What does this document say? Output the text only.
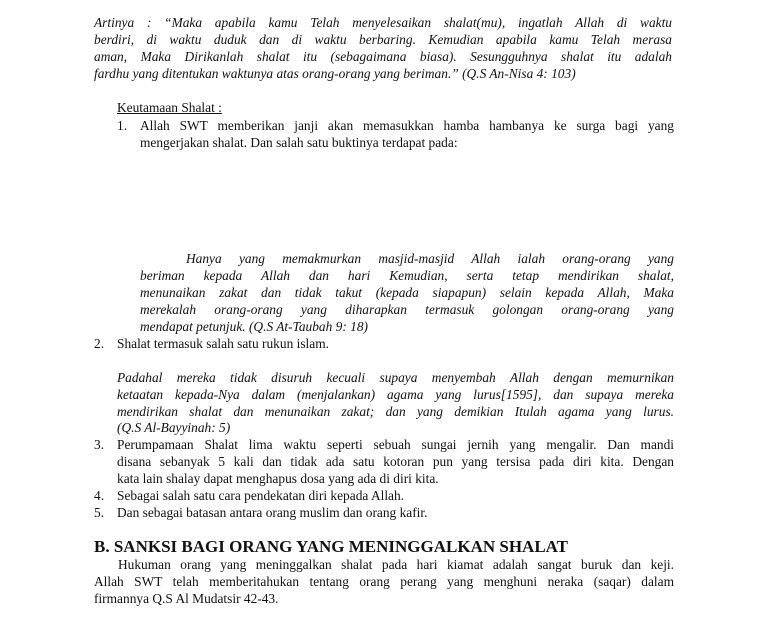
Artinya : “Maka apabila kamu Telah menyelesaikan shalat(mu), ingatlah Allah di waktu
berdiri, di waktu duduk dan di waktu berbaring. Kemudian apabila kamu Telah merasa
aman, Maka Dirikanlah shalat itu (sebagaimana biasa). Sesungguhnya shalat itu adalah
fardhu yang ditentukan waktunya atas orang-orang yang beriman.” (Q.S An-Nisa 4: 103)
Keutamaan Shalat :
1. Allah SWT memberikan janji akan memasukkan hamba hambanya ke surga bagi yang
mengerjakan shalat. Dan salah satu buktinya terdapat pada:
Hanya yang memakmurkan masjid-masjid Allah ialah orang-orang yang
beriman kepada Allah dan hari Kemudian, serta tetap mendirikan shalat,
menunaikan zakat dan tidak takut (kepada siapapun) selain kepada Allah, Maka
merekalah orang-orang yang diharapkan termasuk golongan orang-orang yang
mendapat petunjuk. (Q.S At-Taubah 9: 18)
2. Shalat termasuk salah satu rukun islam.
Padahal mereka tidak disuruh kecuali supaya menyembah Allah dengan memurnikan
ketaatan kepada-Nya dalam (menjalankan) agama yang lurus[1595], dan supaya mereka
mendirikan shalat dan menunaikan zakat; dan yang demikian Itulah agama yang lurus.
(Q.S Al-Bayyinah: 5)
3. Perumpamaan Shalat lima waktu seperti sebuah sungai jernih yang mengalir. Dan mandi
disana sebanyak 5 kali dan tidak ada satu kotoran pun yang tersisa pada diri kita. Dengan
kata lain shalay dapat menghapus dosa yang ada di diri kita.
4. Sebagai salah satu cara pendekatan diri kepada Allah.
5. Dan sebagai batasan antara orang muslim dan orang kafir.
B. SANKSI BAGI ORANG YANG MENINGGALKAN SHALAT
Hukuman orang yang meninggalkan shalat pada hari kiamat adalah sangat buruk dan keji.
Allah SWT telah memberitahukan tentang orang perang yang menghuni neraka (saqar) dalam
firmannya Q.S Al Mudatsir 42-43.
